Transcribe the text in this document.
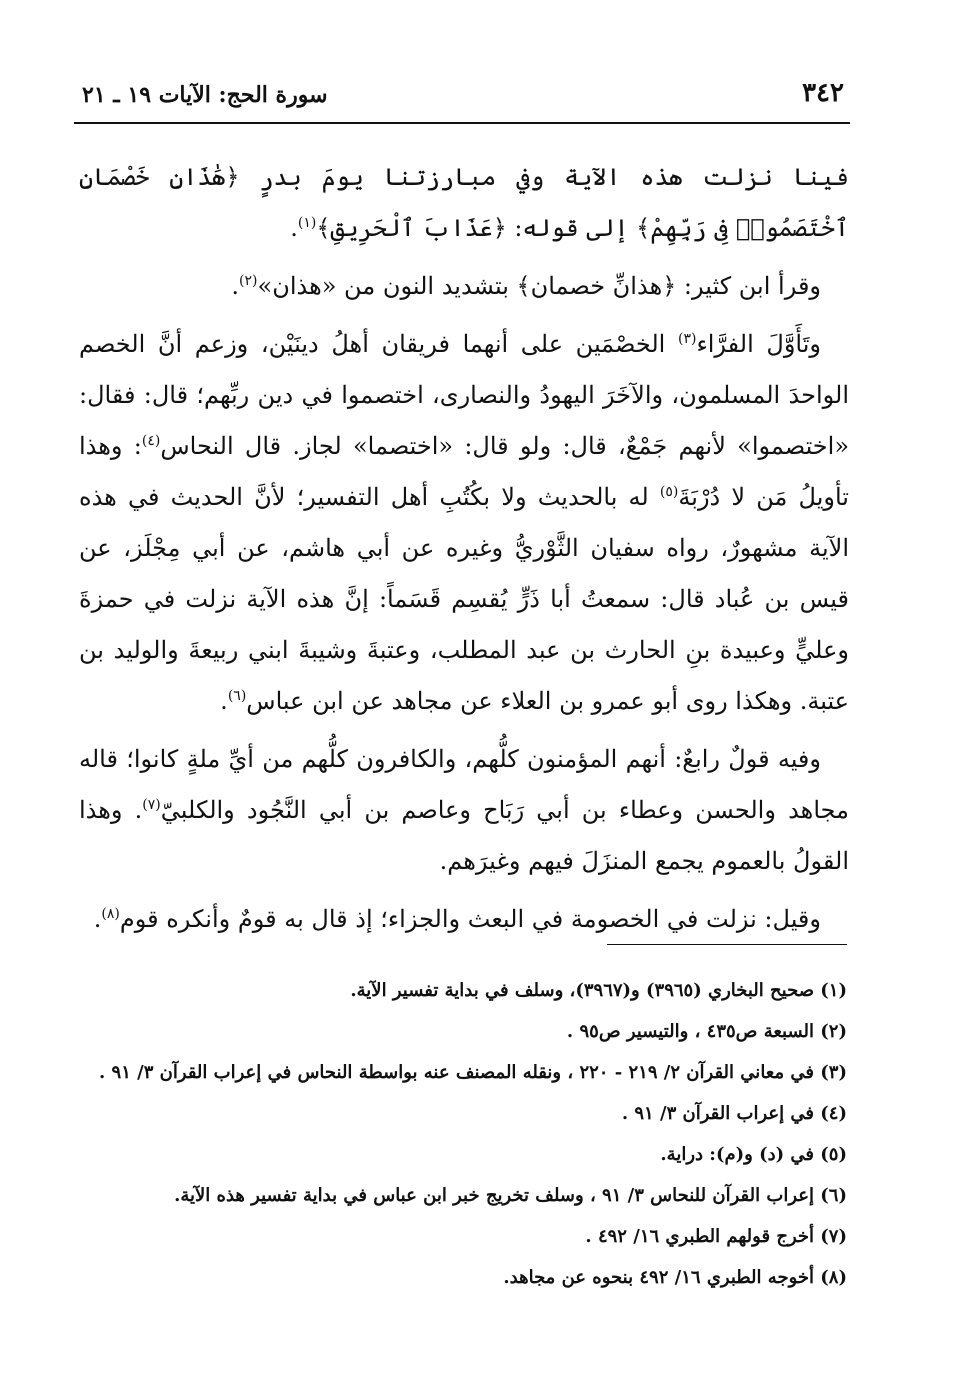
٣٤٢
سورة الحج: الآيات ١٩ ـ ٢١

فينا نزلت هذه الآية وفي مبارزتنا يومَ بدرٍ ﴿هَٰذَانِ خَصْمَانِ ٱخْتَصَمُوا۟ فِى رَبِّهِمْ﴾ إلى قوله: ﴿عَذَابَ ٱلْحَرِيقِ﴾$^{(١)}$.

وقرأ ابن كثير: ﴿هذانِّ خصمان﴾ بتشديد النون من «هذان»$^{(٢)}$.

وتَأَوَّلَ الفرَّاء$^{(٣)}$ الخصْمَين على أنهما فريقان أهلُ دينَيْن، وزعم أنَّ الخصم الواحدَ المسلمون، والآخَرَ اليهودُ والنصارى، اختصموا في دين ربِّهم؛ قال: فقال: «اختصموا» لأنهم جَمْعٌ، قال: ولو قال: «اختصما» لجاز. قال النحاس$^{(٤)}$: وهذا تأويلُ مَن لا دُرْبَةَ$^{(٥)}$ له بالحديث ولا بكُتُبِ أهل التفسير؛ لأنَّ الحديث في هذه الآية مشهورٌ، رواه سفيان الثَّوْريُّ وغيره عن أبي هاشم، عن أبي مِجْلَز، عن قيس بن عُباد قال: سمعتُ أبا ذَرٍّ يُقسِم قَسَماً: إنَّ هذه الآية نزلت في حمزةَ وعليٍّ وعبيدة بنِ الحارث بن عبد المطلب، وعتبةَ وشيبةَ ابني ربيعةَ والوليد بن عتبة. وهكذا روى أبو عمرو بن العلاء عن مجاهد عن ابن عباس$^{(٦)}$.

وفيه قولٌ رابعٌ: أنهم المؤمنون كلُّهم، والكافرون كلُّهم من أيِّ ملةٍ كانوا؛ قاله مجاهد والحسن وعطاء بن أبي رَبَاح وعاصم بن أبي النَّجُود والكلبيّ$^{(٧)}$. وهذا القولُ بالعموم يجمع المنزَلَ فيهم وغيرَهم.

وقيل: نزلت في الخصومة في البعث والجزاء؛ إذ قال به قومٌ وأنكره قوم$^{(٨)}$.

(١) صحيح البخاري (٣٩٦٥) و(٣٩٦٧)، وسلف في بداية تفسير الآية.
(٢) السبعة ص٤٣٥ ، والتيسير ص٩٥ .
(٣) في معاني القرآن ٢/ ٢١٩ - ٢٢٠ ، ونقله المصنف عنه بواسطة النحاس في إعراب القرآن ٣/ ٩١ .
(٤) في إعراب القرآن ٣/ ٩١ .
(٥) في (د) و(م): دراية.
(٦) إعراب القرآن للنحاس ٣/ ٩١ ، وسلف تخريج خبر ابن عباس في بداية تفسير هذه الآية.
(٧) أخرج قولهم الطبري ١٦/ ٤٩٢ .
(٨) أخوجه الطبري ١٦/ ٤٩٢ بنحوه عن مجاهد.
